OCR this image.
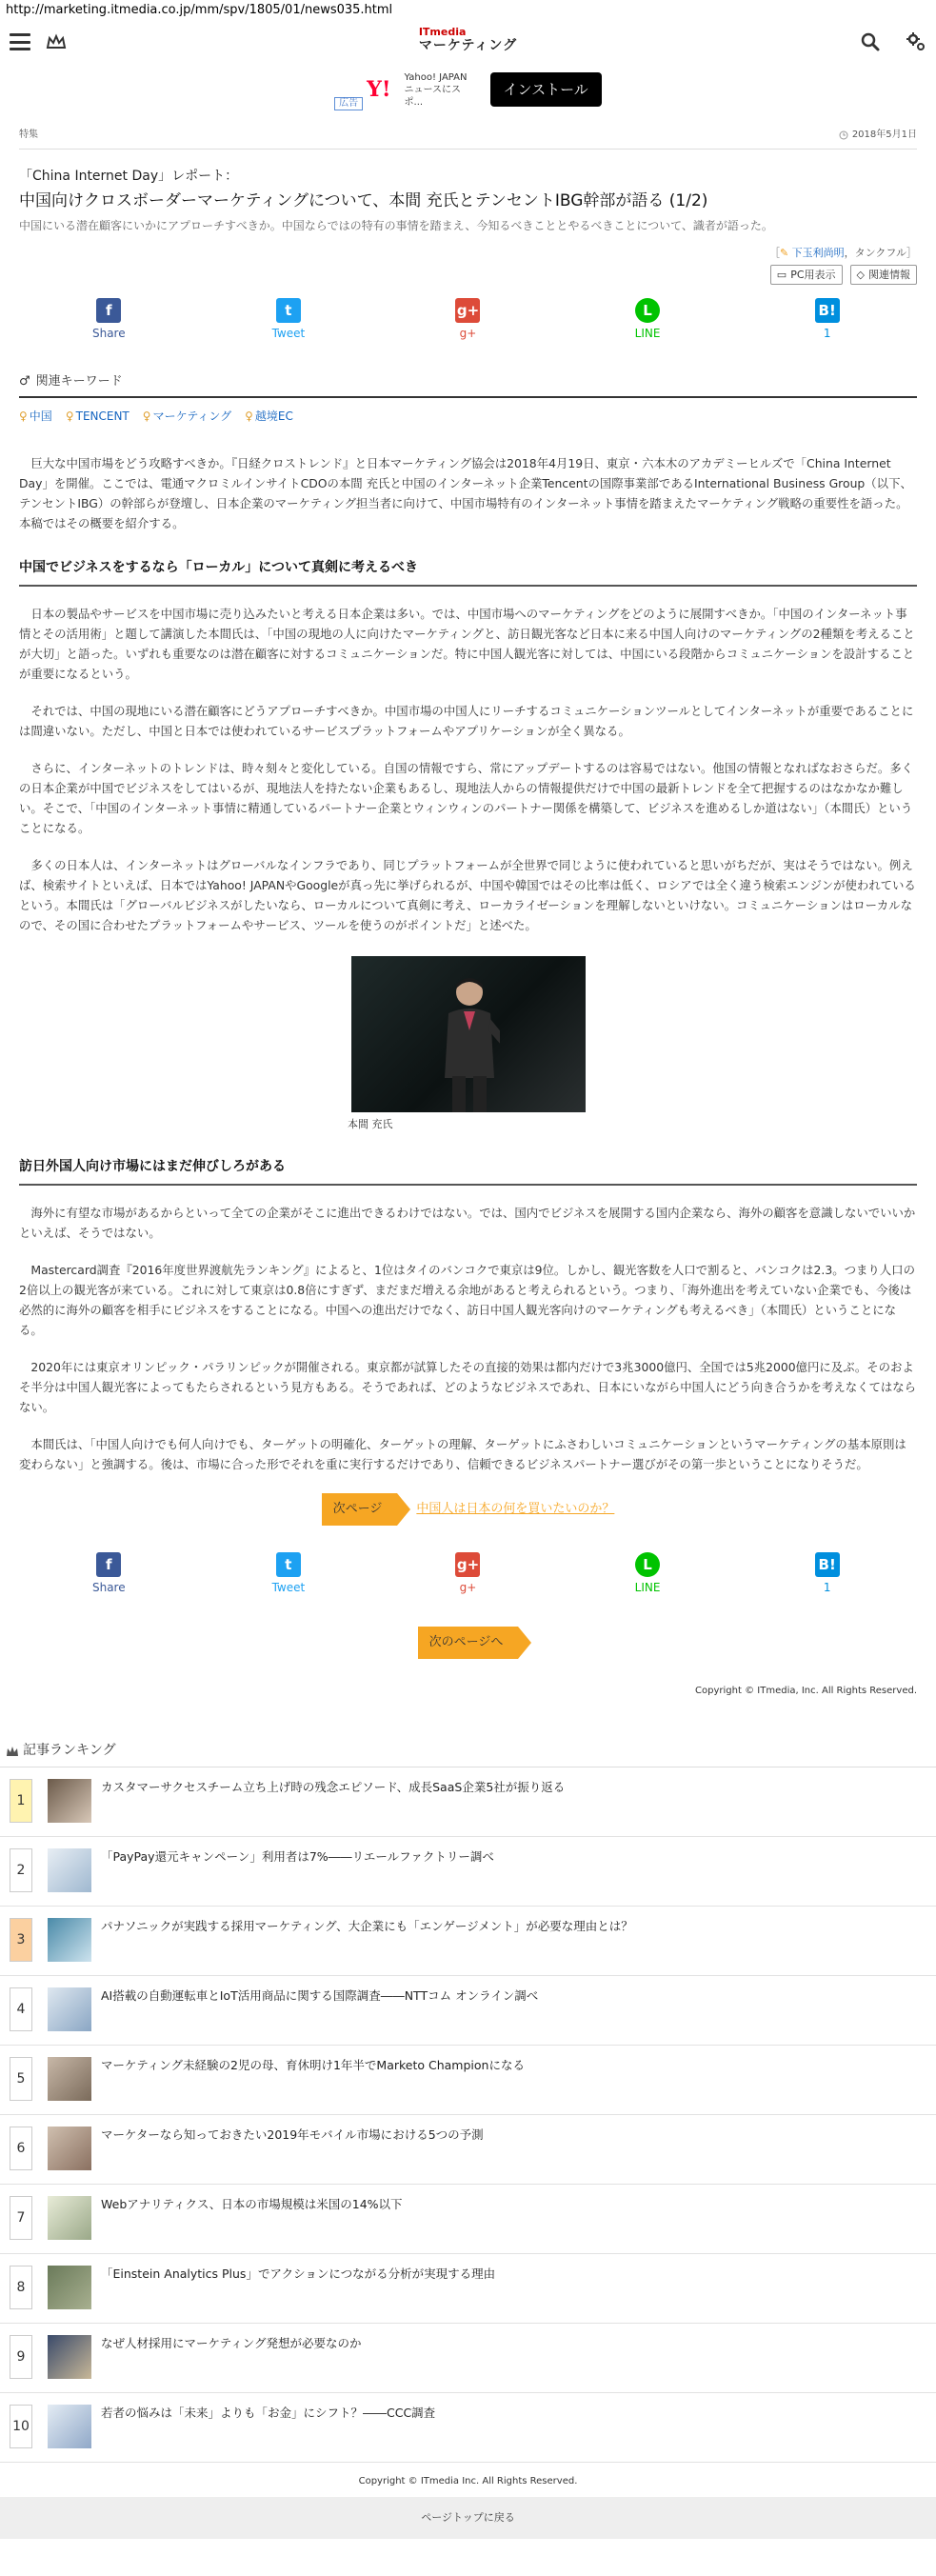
http://marketing.itmedia.co.jp/mm/spv/1805/01/news035.html
ITmedia
マーケティング
広告
Y! Yahoo! JAPAN ニュースにスポ...
インストール
特集	2018年5月1日
「China Internet Day」レポート：
中国向けクロスボーダーマーケティングについて、本間 充氏とテンセントIBG幹部が語る (1/2)
中国にいる潜在顧客にいかにアプローチすべきか。中国ならではの特有の事情を踏まえ、今知るべきこととやるべきことについて、識者が語った。
［✎ 下玉利尚明，タンクフル］
▭ PC用表示 ◇ 関連情報
f
Share
t
Tweet
g+
g+
L
LINE
B!
1
♂ 関連キーワード
♀ 中国 ♀ TENCENT ♀ マーケティング ♀ 越境EC

巨大な中国市場をどう攻略すべきか。『日経クロストレンド』と日本マーケティング協会は2018年4月19日、東京・六本木のアカデミーヒルズで「China Internet Day」を開催。ここでは、電通マクロミルインサイトCDOの本間 充氏と中国のインターネット企業Tencentの国際事業部であるInternational Business Group（以下、テンセントIBG）の幹部らが登壇し、日本企業のマーケティング担当者に向けて、中国市場特有のインターネット事情を踏まえたマーケティング戦略の重要性を語った。本稿ではその概要を紹介する。

中国でビジネスをするなら「ローカル」について真剣に考えるべき

日本の製品やサービスを中国市場に売り込みたいと考える日本企業は多い。では、中国市場へのマーケティングをどのように展開すべきか。「中国のインターネット事情とその活用術」と題して講演した本間氏は、「中国の現地の人に向けたマーケティングと、訪日観光客など日本に来る中国人向けのマーケティングの2種類を考えることが大切」と語った。いずれも重要なのは潜在顧客に対するコミュニケーションだ。特に中国人観光客に対しては、中国にいる段階からコミュニケーションを設計することが重要になるという。

それでは、中国の現地にいる潜在顧客にどうアプローチすべきか。中国市場の中国人にリーチするコミュニケーションツールとしてインターネットが重要であることには間違いない。ただし、中国と日本では使われているサービスプラットフォームやアプリケーションが全く異なる。

さらに、インターネットのトレンドは、時々刻々と変化している。自国の情報ですら、常にアップデートするのは容易ではない。他国の情報となればなおさらだ。多くの日本企業が中国でビジネスをしてはいるが、現地法人を持たない企業もあるし、現地法人からの情報提供だけで中国の最新トレンドを全て把握するのはなかなか難しい。そこで、「中国のインターネット事情に精通しているパートナー企業とウィンウィンのパートナー関係を構築して、ビジネスを進めるしか道はない」（本間氏）ということになる。

多くの日本人は、インターネットはグローバルなインフラであり、同じプラットフォームが全世界で同じように使われていると思いがちだが、実はそうではない。例えば、検索サイトといえば、日本ではYahoo! JAPANやGoogleが真っ先に挙げられるが、中国や韓国ではその比率は低く、ロシアでは全く違う検索エンジンが使われているという。本間氏は「グローバルビジネスがしたいなら、ローカルについて真剣に考え、ローカライゼーションを理解しないといけない。コミュニケーションはローカルなので、その国に合わせたプラットフォームやサービス、ツールを使うのがポイントだ」と述べた。

本間 充氏
訪日外国人向け市場にはまだ伸びしろがある

海外に有望な市場があるからといって全ての企業がそこに進出できるわけではない。では、国内でビジネスを展開する国内企業なら、海外の顧客を意識しないでいいかといえば、そうではない。

Mastercard調査『2016年度世界渡航先ランキング』によると、1位はタイのバンコクで東京は9位。しかし、観光客数を人口で割ると、バンコクは2.3。つまり人口の2倍以上の観光客が来ている。これに対して東京は0.8倍にすぎず、まだまだ増える余地があると考えられるという。つまり、「海外進出を考えていない企業でも、今後は必然的に海外の顧客を相手にビジネスをすることになる。中国への進出だけでなく、訪日中国人観光客向けのマーケティングも考えるべき」（本間氏）ということになる。

2020年には東京オリンピック・パラリンピックが開催される。東京都が試算したその直接的効果は都内だけで3兆3000億円、全国では5兆2000億円に及ぶ。そのおよそ半分は中国人観光客によってもたらされるという見方もある。そうであれば、どのようなビジネスであれ、日本にいながら中国人にどう向き合うかを考えなくてはならない。

本間氏は、「中国人向けでも何人向けでも、ターゲットの明確化、ターゲットの理解、ターゲットにふさわしいコミュニケーションというマーケティングの基本原則は変わらない」と強調する。後は、市場に合った形でそれを重に実行するだけであり、信頼できるビジネスパートナー選びがその第一歩ということになりそうだ。

次ページ	中国人は日本の何を買いたいのか？
f
Share
t
Tweet
g+
g+
L
LINE
B!
1
次のページへ
Copyright © ITmedia, Inc. All Rights Reserved.
記事ランキング
1
カスタマーサクセスチーム立ち上げ時の残念エピソード、成長SaaS企業5社が振り返る
2
「PayPay還元キャンペーン」利用者は7%――リエールファクトリー調べ
3
パナソニックが実践する採用マーケティング、大企業にも「エンゲージメント」が必要な理由とは？
4
AI搭載の自動運転車とIoT活用商品に関する国際調査――NTTコム オンライン調べ
5
マーケティング未経験の2児の母、育休明け1年半でMarketo Championになる
6
マーケターなら知っておきたい2019年モバイル市場における5つの予測
7
Webアナリティクス、日本の市場規模は米国の14%以下
8
「Einstein Analytics Plus」でアクションにつながる分析が実現する理由
9
なぜ人材採用にマーケティング発想が必要なのか
10
若者の悩みは「未来」よりも「お金」にシフト？――CCC調査
Copyright © ITmedia Inc. All Rights Reserved.
ページトップに戻る
